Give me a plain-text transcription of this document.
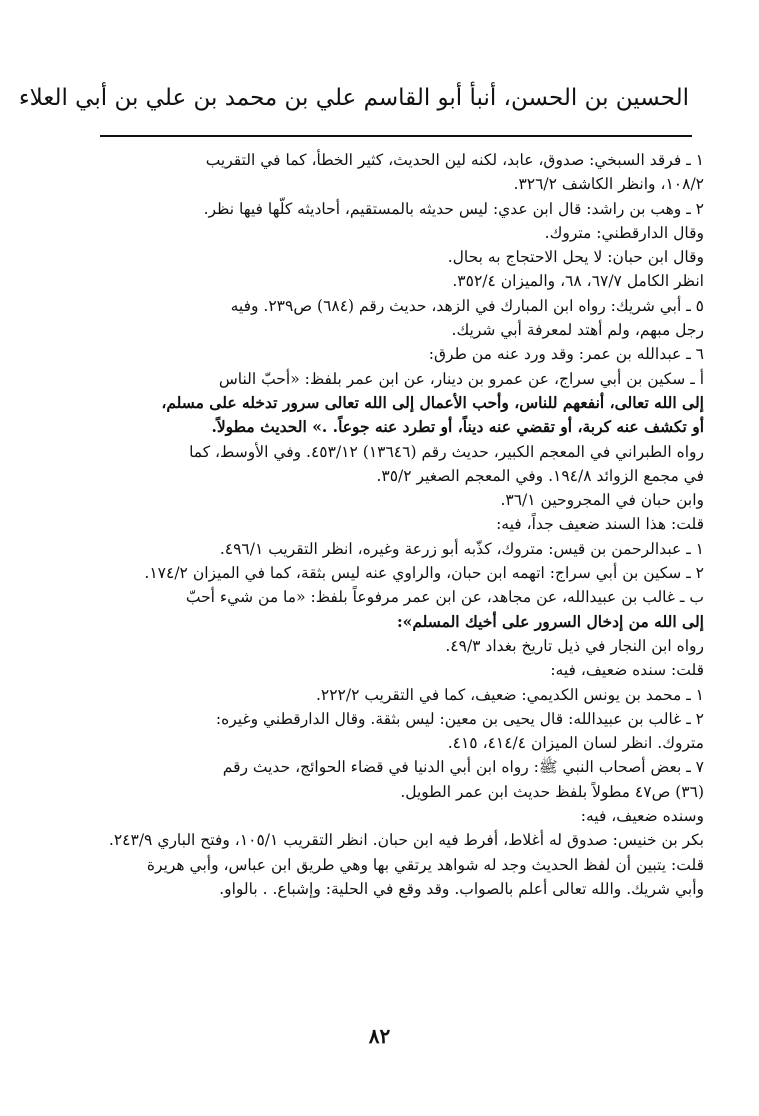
الحسين بن الحسن، أنبأ أبو القاسم علي بن محمد بن علي بن أبي العلاء

١ ـ فرقد السبخي: صدوق، عابد، لكنه لين الحديث، كثير الخطأ، كما في التقريب

١٠٨/٢، وانظر الكاشف ٣٢٦/٢.

٢ ـ وهب بن راشد: قال ابن عدي: ليس حديثه بالمستقيم، أحاديثه كلّها فيها نظر.

وقال الدارقطني: متروك.

وقال ابن حبان: لا يحل الاحتجاج به بحال.

انظر الكامل ٦٧/٧، ٦٨، والميزان ٣٥٢/٤.

٥ ـ أبي شريك: رواه ابن المبارك في الزهد، حديث رقم (٦٨٤) ص٢٣٩. وفيه

رجل مبهم، ولم أهتد لمعرفة أبي شريك.

٦ ـ عبدالله بن عمر: وقد ورد عنه من طرق:

أ ـ سكين بن أبي سراج، عن عمرو بن دينار، عن ابن عمر بلفظ: «أحبّ الناس

إلى الله تعالى، أنفعهم للناس، وأحب الأعمال إلى الله تعالى سرور تدخله على مسلم،

أو تكشف عنه كربة، أو تقضي عنه ديناً، أو تطرد عنه جوعاً. .» الحديث مطولاً.

رواه الطبراني في المعجم الكبير، حديث رقم (١٣٦٤٦) ٤٥٣/١٢. وفي الأوسط، كما

في مجمع الزوائد ١٩٤/٨. وفي المعجم الصغير ٣٥/٢.

وابن حبان في المجروحين ٣٦/١.

قلت: هذا السند ضعيف جداً، فيه:

١ ـ عبدالرحمن بن قيس: متروك، كذّبه أبو زرعة وغيره، انظر التقريب ٤٩٦/١.

٢ ـ سكين بن أبي سراج: اتهمه ابن حبان، والراوي عنه ليس بثقة، كما في الميزان ١٧٤/٢.

ب ـ غالب بن عبيدالله، عن مجاهد، عن ابن عمر مرفوعاً بلفظ: «ما من شيء أحبّ

إلى الله من إدخال السرور على أخيك المسلم»:

رواه ابن النجار في ذيل تاريخ بغداد ٤٩/٣.

قلت: سنده ضعيف، فيه:

١ ـ محمد بن يونس الكديمي: ضعيف، كما في التقريب ٢٢٢/٢.

٢ ـ غالب بن عبيدالله: قال يحيى بن معين: ليس بثقة. وقال الدارقطني وغيره:

متروك. انظر لسان الميزان ٤١٤/٤، ٤١٥.

٧ ـ بعض أصحاب النبي ﷺ: رواه ابن أبي الدنيا في قضاء الحوائج، حديث رقم

(٣٦) ص٤٧ مطولاً بلفظ حديث ابن عمر الطويل.

وسنده ضعيف، فيه:

بكر بن خنيس: صدوق له أغلاط، أفرط فيه ابن حبان. انظر التقريب ١٠٥/١، وفتح الباري ٢٤٣/٩.

قلت: يتبين أن لفظ الحديث وجد له شواهد يرتقي بها وهي طريق ابن عباس، وأبي هريرة

وأبي شريك. والله تعالى أعلم بالصواب. وقد وقع في الحلية: وإشباع. . بالواو.

٨٢
